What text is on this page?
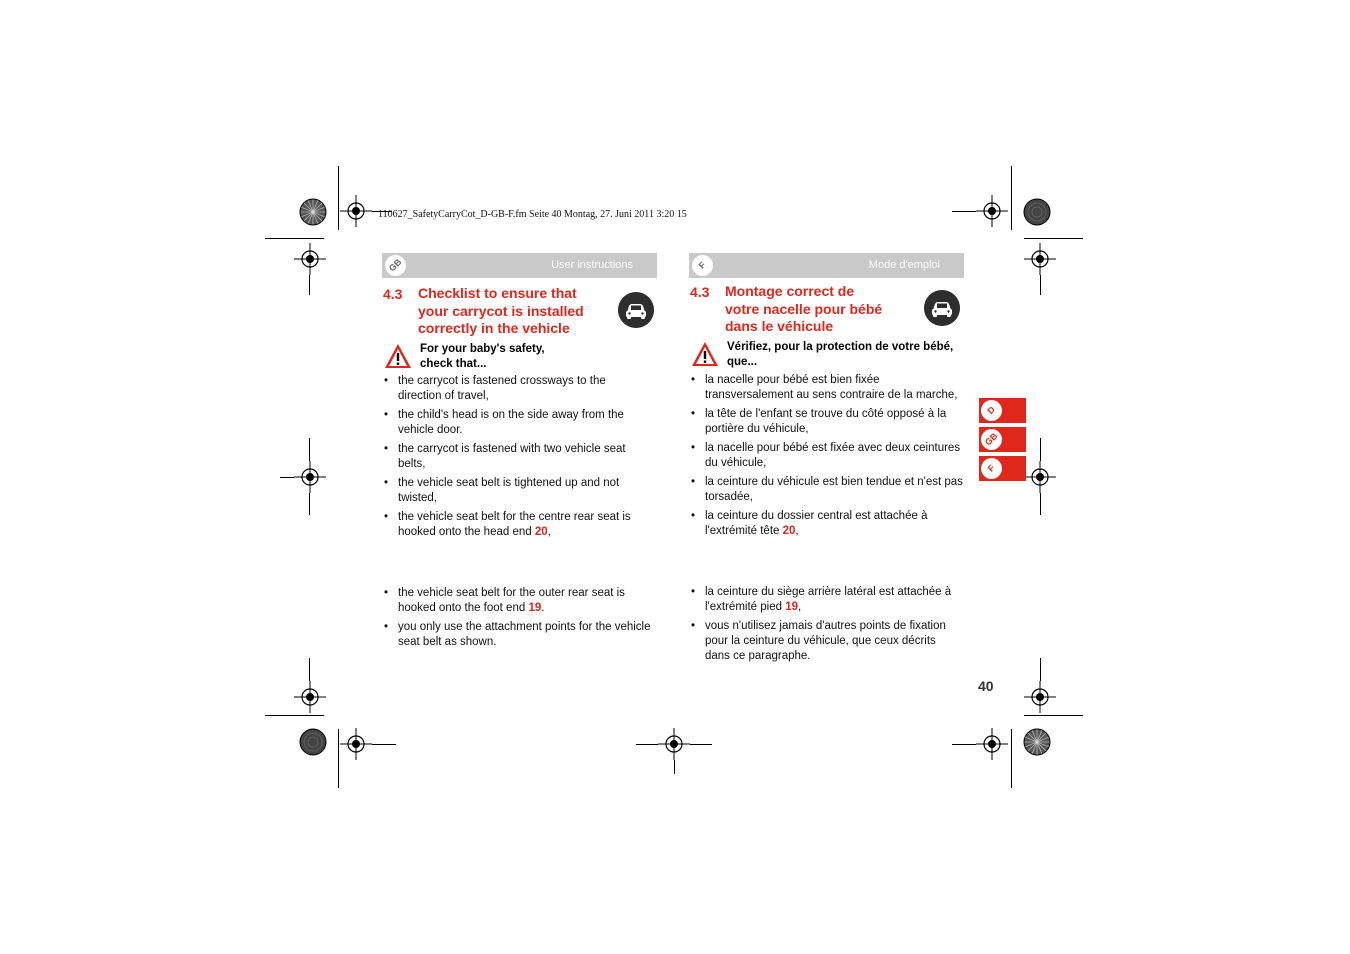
110627_SafetyCarryCot_D-GB-F.fm Seite 40 Montag, 27. Juni 2011 3:20 15
GB	User instructions
4.3 Checklist to ensure that
your carrycot is installed
correctly in the vehicle
For your baby's safety,
check that...
• the carrycot is fastened crossways to the direction of travel,
• the child's head is on the side away from the vehicle door.
• the carrycot is fastened with two vehicle seat belts,
• the vehicle seat belt is tightened up and not twisted,
• the vehicle seat belt for the centre rear seat is hooked onto the head end 20,
• the vehicle seat belt for the outer rear seat is hooked onto the foot end 19.
• you only use the attachment points for the vehicle seat belt as shown.
F	Mode d'emploi
4.3 Montage correct de
votre nacelle pour bébé
dans le véhicule
Vérifiez, pour la protection de votre bébé,
que...
• la nacelle pour bébé est bien fixée transversalement au sens contraire de la marche,
• la tête de l'enfant se trouve du côté opposé à la portière du véhicule,
• la nacelle pour bébé est fixée avec deux ceintures du véhicule,
• la ceinture du véhicule est bien tendue et n'est pas torsadée,
• la ceinture du dossier central est attachée à l'extrémité tête 20,
• la ceinture du siège arrière latéral est attachée à l'extrémité pied 19,
• vous n'utilisez jamais d'autres points de fixation pour la ceinture du véhicule, que ceux décrits dans ce paragraphe.
D
GB
F
40
